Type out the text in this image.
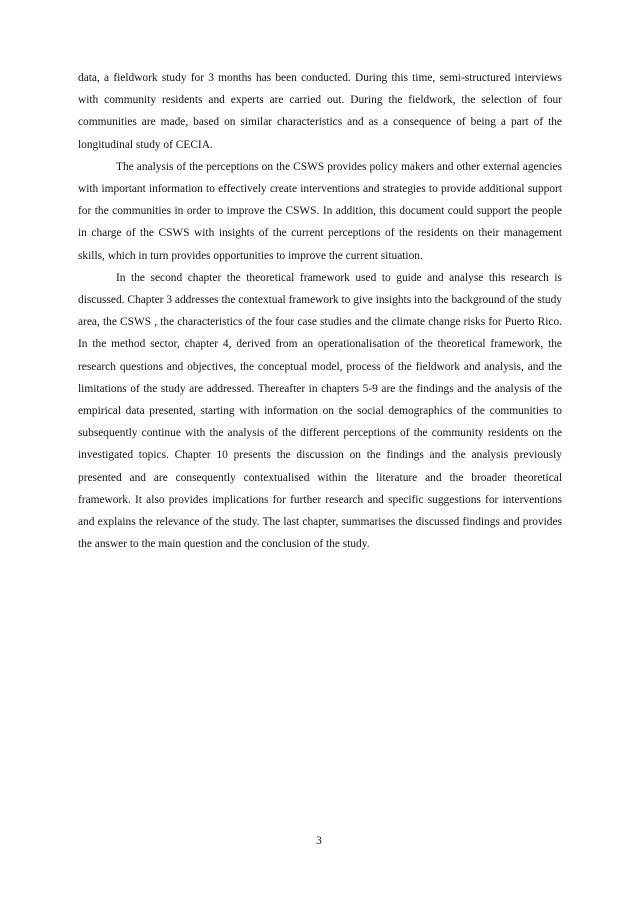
data, a fieldwork study for 3 months has been conducted. During this time, semi-structured interviews with community residents and experts are carried out. During the fieldwork, the selection of four communities are made, based on similar characteristics and as a consequence of being a part of the longitudinal study of CECIA.

The analysis of the perceptions on the CSWS provides policy makers and other external agencies with important information to effectively create interventions and strategies to provide additional support for the communities in order to improve the CSWS. In addition, this document could support the people in charge of the CSWS with insights of the current perceptions of the residents on their management skills, which in turn provides opportunities to improve the current situation.

In the second chapter the theoretical framework used to guide and analyse this research is discussed. Chapter 3 addresses the contextual framework to give insights into the background of the study area, the CSWS , the characteristics of the four case studies and the climate change risks for Puerto Rico. In the method sector, chapter 4, derived from an operationalisation of the theoretical framework, the research questions and objectives, the conceptual model, process of the fieldwork and analysis, and the limitations of the study are addressed. Thereafter in chapters 5-9 are the findings and the analysis of the empirical data presented, starting with information on the social demographics of the communities to subsequently continue with the analysis of the different perceptions of the community residents on the investigated topics. Chapter 10 presents the discussion on the findings and the analysis previously presented and are consequently contextualised within the literature and the broader theoretical framework. It also provides implications for further research and specific suggestions for interventions and explains the relevance of the study. The last chapter, summarises the discussed findings and provides the answer to the main question and the conclusion of the study.

3
